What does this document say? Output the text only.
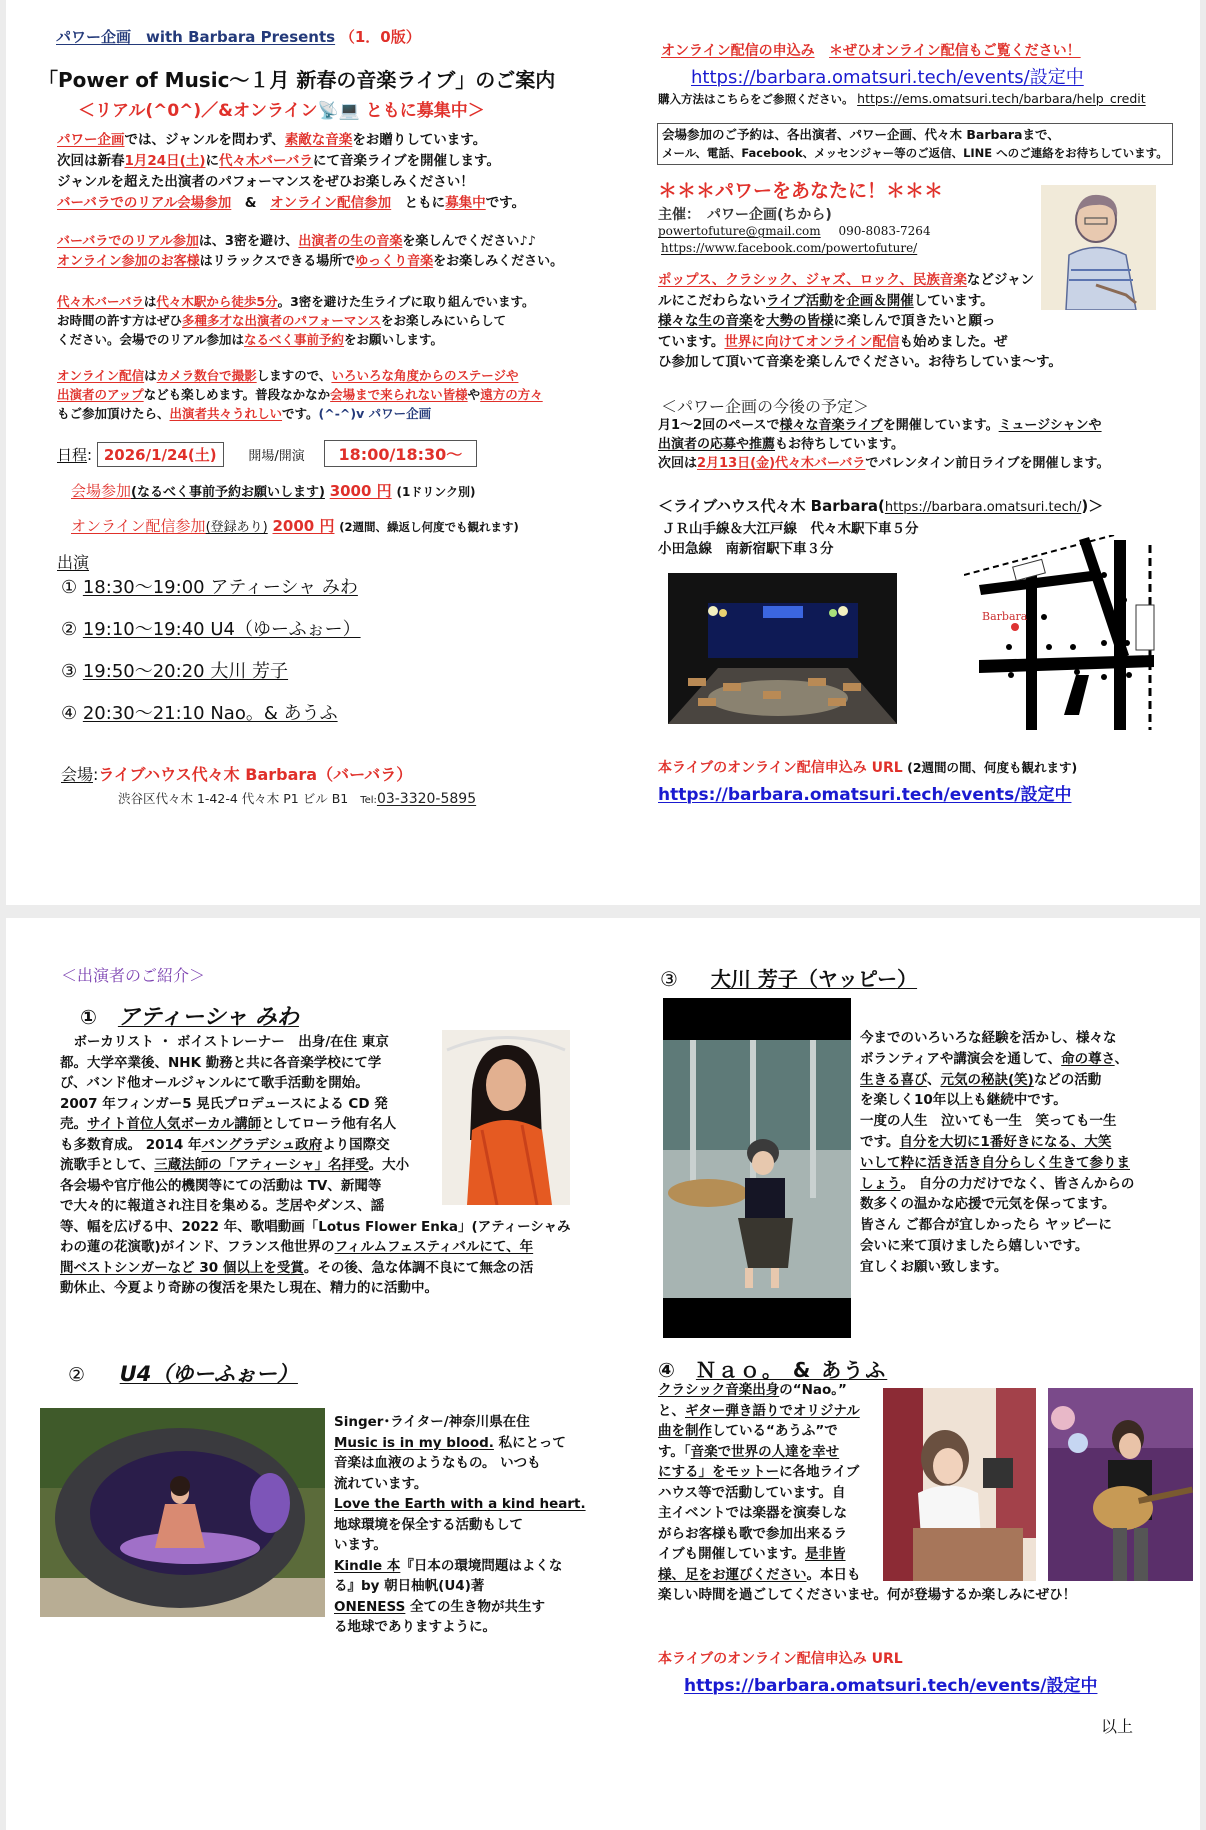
パワー企画　with Barbara Presents （1．0版）
「Power of Music～１月 新春の音楽ライブ」のご案内
＜リアル(^0^)／&オンライン📡💻 ともに募集中＞
パワー企画では、ジャンルを問わず、素敵な音楽をお贈りしています。
次回は新春1月24日(土)に代々木バーバラにて音楽ライブを開催します。
ジャンルを超えた出演者のパフォーマンスをぜひお楽しみください！
バーバラでのリアル会場参加　&　オンライン配信参加　ともに募集中です。
バーバラでのリアル参加は、3密を避け、出演者の生の音楽を楽しんでください♪♪
オンライン参加のお客様はリラックスできる場所でゆっくり音楽をお楽しみください。
代々木バーバラは代々木駅から徒歩5分。3密を避けた生ライブに取り組んでいます。
お時間の許す方はぜひ多種多才な出演者のパフォーマンスをお楽しみにいらして
ください。会場でのリアル参加はなるべく事前予約をお願いします。
オンライン配信はカメラ数台で撮影しますので、いろいろな角度からのステージや
出演者のアップなども楽しめます。普段なかなか会場まで来られない皆様や遠方の方々
もご参加頂けたら、出演者共々うれしいです。(^-^)v パワー企画
日程: 2026/1/24(土) 開場/開演 18:00/18:30～
会場参加(なるべく事前予約お願いします) 3000 円 (1ドリンク別)
オンライン配信参加(登録あり) 2000 円 (2週間、繰返し何度でも観れます)
出演
① 18:30～19:00 アティーシャ みわ
② 19:10～19:40 U4（ゆーふぉー）
③ 19:50～20:20 大川 芳子
④ 20:30～21:10 Nao。& あうふ
会場:ライブハウス代々木 Barbara（バーバラ）
渋谷区代々木 1-42-4 代々木 P1 ビル B1 Tel:03-3320-5895
オンライン配信の申込み ＊ぜひオンライン配信もご覧ください！
https://barbara.omatsuri.tech/events/設定中
購入方法はこちらをご参照ください。 https://ems.omatsuri.tech/barbara/help_credit
会場参加のご予約は、各出演者、パワー企画、代々木 Barbaraまで、
メール、電話、Facebook、メッセンジャー等のご返信、LINE へのご連絡をお待ちしています。
＊＊＊パワーをあなたに！＊＊＊
主催：　パワー企画(ちから)
powertofuture@gmail.com 090-8083-7264
https://www.facebook.com/powertofuture/
ポップス、クラシック、ジャズ、ロック、民族音楽などジャン
ルにこだわらないライブ活動を企画＆開催しています。
様々な生の音楽を大勢の皆様に楽しんで頂きたいと願っ
ています。世界に向けてオンライン配信も始めました。ぜ
ひ参加して頂いて音楽を楽しんでください。お待ちしていま～す。
＜パワー企画の今後の予定＞
月1～2回のペースで様々な音楽ライブを開催しています。ミュージシャンや
出演者の応募や推薦もお待ちしています。
次回は2月13日(金)代々木バーバラでバレンタイン前日ライブを開催します。
＜ライブハウス代々木 Barbara(https://barbara.omatsuri.tech/)＞
ＪＲ山手線＆大江戸線　代々木駅下車５分
小田急線　南新宿駅下車３分
Barbara
本ライブのオンライン配信申込み URL (2週間の間、何度も観れます)
https://barbara.omatsuri.tech/events/設定中
＜出演者のご紹介＞
① アティーシャ みわ
　ボーカリスト ・ ボイストレーナー　出身/在住 東京
都。大学卒業後、NHK 勤務と共に各音楽学校にて学
び、バンド他オールジャンルにて歌手活動を開始。
2007 年フィンガー5 晃氏プロデュースによる CD 発
売。サイト首位人気ボーカル講師としてローラ他有名人
も多数育成。 2014 年バングラデシュ政府より国際交
流歌手として、三蔵法師の「アティーシャ」名拝受。大小
各会場や官庁他公的機関等にての活動は TV、新聞等
で大々的に報道され注目を集める。芝居やダンス、謡
等、幅を広げる中、2022 年、歌唱動画「Lotus Flower Enka」(アティーシャみ
わの蓮の花演歌)がインド、フランス他世界のフィルムフェスティバルにて、年
間ベストシンガーなど 30 個以上を受賞。その後、急な体調不良にて無念の活
動休止、今夏より奇跡の復活を果たし現在、精力的に活動中。
② U4（ゆーふぉー）
Singer･ライター/神奈川県在住
Music is in my blood. 私にとって
音楽は血液のようなもの。 いつも
流れています。
Love the Earth with a kind heart.
地球環境を保全する活動もして
います。
Kindle 本『日本の環境問題はよくな
る』by 朝日柚帆(U4)著
ONENESS 全ての生き物が共生す
る地球でありますように。
③ 大川 芳子（ヤッピー）
今までのいろいろな経験を活かし、様々な
ボランティアや講演会を通して、命の尊さ、
生きる喜び、元気の秘訣(笑)などの活動
を楽しく10年以上も継続中です。
一度の人生　泣いても一生　笑っても一生
です。自分を大切に1番好きになる、大笑
いして粋に活き活き自分らしく生きて参りま
しょう。 自分の力だけでなく、皆さんからの
数多くの温かな応援で元気を保ってます。
皆さん ご都合が宜しかったら ヤッピーに
会いに来て頂けましたら嬉しいです。
宜しくお願い致します。
④ Ｎａｏ。 & あうふ
クラシック音楽出身の“Nao。”
と、ギター弾き語りでオリジナル
曲を制作している“あうふ”で
す。「音楽で世界の人達を幸せ
にする」をモットーに各地ライブ
ハウス等で活動しています。自
主イベントでは楽器を演奏しな
がらお客様も歌で参加出来るラ
イブも開催しています。是非皆
様、足をお運びください。本日も
楽しい時間を過ごしてくださいませ。何が登場するか楽しみにぜひ！
本ライブのオンライン配信申込み URL
https://barbara.omatsuri.tech/events/設定中
以上
